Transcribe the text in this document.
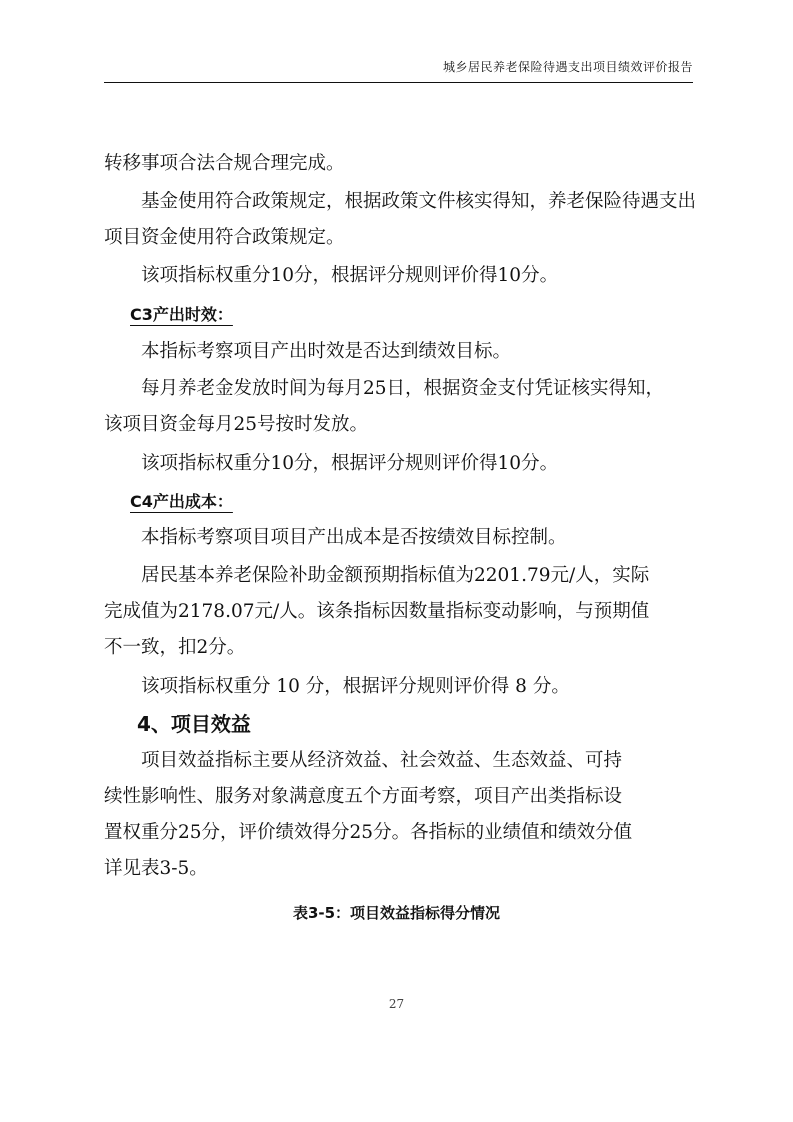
城乡居民养老保险待遇支出项目绩效评价报告
转移事项合法合规合理完成。
基金使用符合政策规定，根据政策文件核实得知，养老保险待遇支出
项目资金使用符合政策规定。
该项指标权重分10分，根据评分规则评价得10分。
C3产出时效：
本指标考察项目产出时效是否达到绩效目标。
每月养老金发放时间为每月25日，根据资金支付凭证核实得知，
该项目资金每月25号按时发放。
该项指标权重分10分，根据评分规则评价得10分。
C4产出成本：
本指标考察项目项目产出成本是否按绩效目标控制。
居民基本养老保险补助金额预期指标值为2201.79元/人，实际
完成值为2178.07元/人。该条指标因数量指标变动影响，与预期值
不一致，扣2分。
该项指标权重分 10 分，根据评分规则评价得 8 分。
4、项目效益
项目效益指标主要从经济效益、社会效益、生态效益、可持
续性影响性、服务对象满意度五个方面考察，项目产出类指标设
置权重分25分，评价绩效得分25分。各指标的业绩值和绩效分值
详见表3-5。
表3-5：项目效益指标得分情况
27
